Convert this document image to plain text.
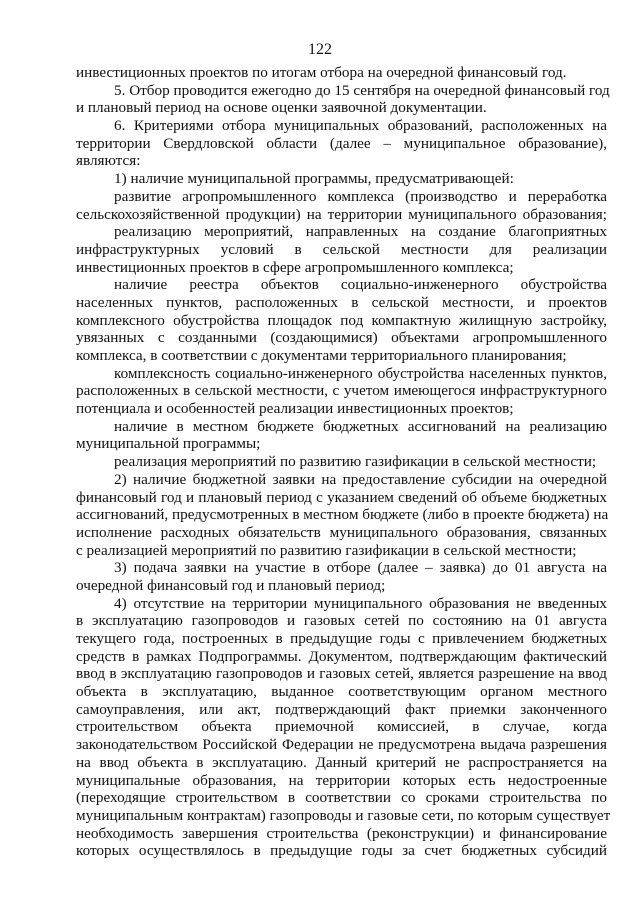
122
инвестиционных проектов по итогам отбора на очередной финансовый год.
5. Отбор проводится ежегодно до 15 сентября на очередной финансовый год
и плановый период на основе оценки заявочной документации.
6. Критериями отбора муниципальных образований, расположенных на
территории Свердловской области (далее – муниципальное образование),
являются:
1) наличие муниципальной программы, предусматривающей:
развитие агропромышленного комплекса (производство и переработка
сельскохозяйственной продукции) на территории муниципального образования;
реализацию мероприятий, направленных на создание благоприятных
инфраструктурных условий в сельской местности для реализации
инвестиционных проектов в сфере агропромышленного комплекса;
наличие реестра объектов социально-инженерного обустройства
населенных пунктов, расположенных в сельской местности, и проектов
комплексного обустройства площадок под компактную жилищную застройку,
увязанных с созданными (создающимися) объектами агропромышленного
комплекса, в соответствии с документами территориального планирования;
комплексность социально-инженерного обустройства населенных пунктов,
расположенных в сельской местности, с учетом имеющегося инфраструктурного
потенциала и особенностей реализации инвестиционных проектов;
наличие в местном бюджете бюджетных ассигнований на реализацию
муниципальной программы;
реализация мероприятий по развитию газификации в сельской местности;
2) наличие бюджетной заявки на предоставление субсидии на очередной
финансовый год и плановый период с указанием сведений об объеме бюджетных
ассигнований, предусмотренных в местном бюджете (либо в проекте бюджета) на
исполнение расходных обязательств муниципального образования, связанных
с реализацией мероприятий по развитию газификации в сельской местности;
3) подача заявки на участие в отборе (далее – заявка) до 01 августа на
очередной финансовый год и плановый период;
4) отсутствие на территории муниципального образования не введенных
в эксплуатацию газопроводов и газовых сетей по состоянию на 01 августа
текущего года, построенных в предыдущие годы с привлечением бюджетных
средств в рамках Подпрограммы. Документом, подтверждающим фактический
ввод в эксплуатацию газопроводов и газовых сетей, является разрешение на ввод
объекта в эксплуатацию, выданное соответствующим органом местного
самоуправления, или акт, подтверждающий факт приемки законченного
строительством объекта приемочной комиссией, в случае, когда
законодательством Российской Федерации не предусмотрена выдача разрешения
на ввод объекта в эксплуатацию. Данный критерий не распространяется на
муниципальные образования, на территории которых есть недостроенные
(переходящие строительством в соответствии со сроками строительства по
муниципальным контрактам) газопроводы и газовые сети, по которым существует
необходимость завершения строительства (реконструкции) и финансирование
которых осуществлялось в предыдущие годы за счет бюджетных субсидий
